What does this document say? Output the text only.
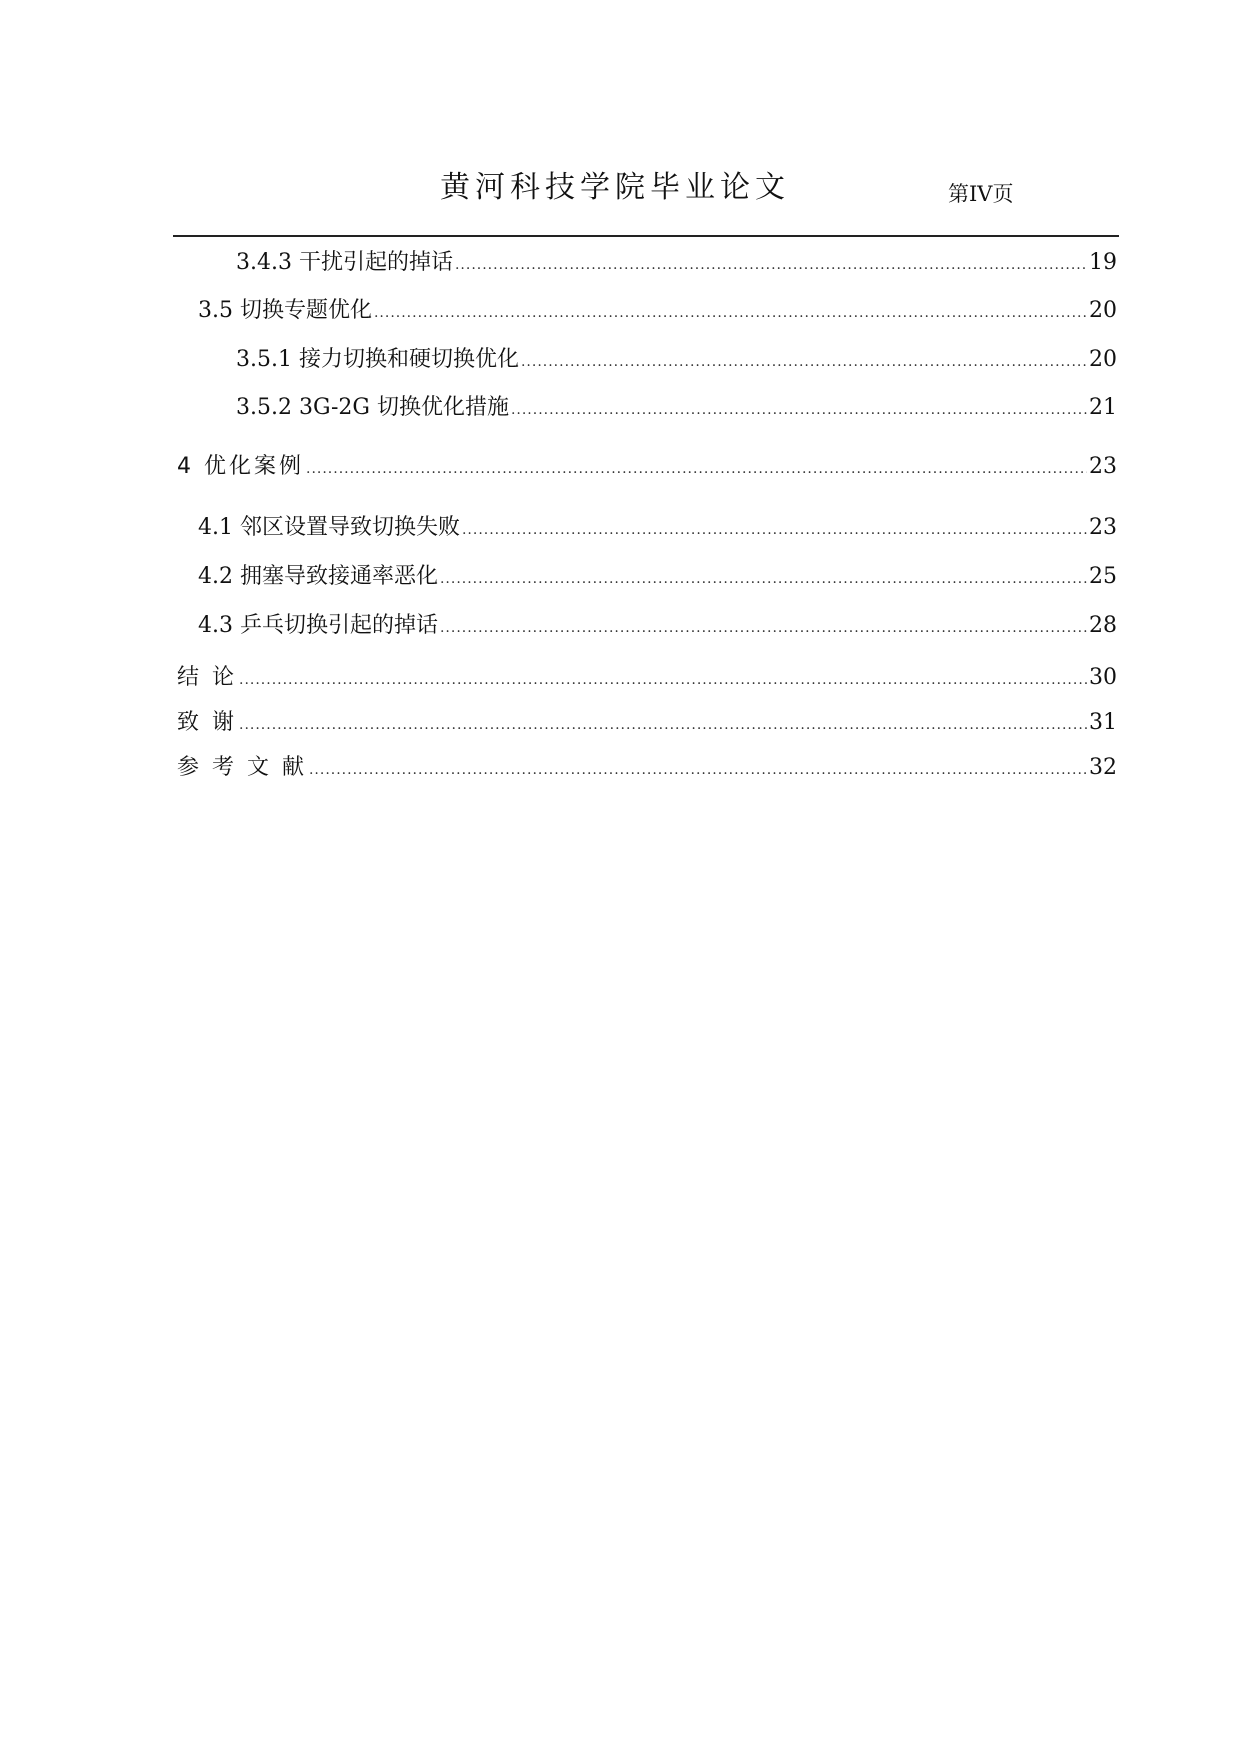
黄河科技学院毕业论文	第IV页
3.4.3 干扰引起的掉话 .....	19
3.5 切换专题优化 .....	20
3.5.1 接力切换和硬切换优化 .....	20
3.5.2 3G-2G 切换优化措施 .....	21
4 优化案例 .....	23
4.1 邻区设置导致切换失败 .....	23
4.2 拥塞导致接通率恶化 .....	25
4.3 乒乓切换引起的掉话 .....	28
结 论 .....	30
致 谢 .....	31
参 考 文 献 .....	32
